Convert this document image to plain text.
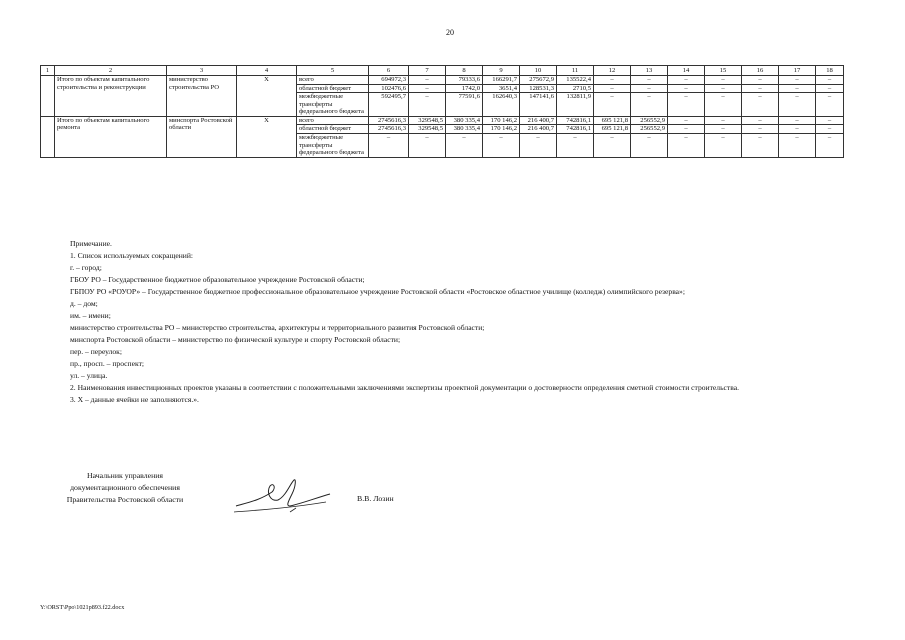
20
1	2	3	4	5	6	7	8	9	10	11	12	13	14	15	16	17	18
	Итого по объектам капитального строительства и реконструкции	министерство строительства РО	Х	всего	694972,3	–	79333,6	166291,7	275672,9	135522,4	–	–	–	–	–	–	–
				областной бюджет	102476,6	–	1742,0	3651,4	128531,3	2710,5	–	–	–	–	–	–	–
				межбюджетные трансферты федерального бюджета	592495,7	–	77591,6	162640,3	147141,6	132811,9	–	–	–	–	–	–	–
	Итого по объектам капитального ремонта	минспорта Ростовской области	Х	всего	2745616,3	329548,5	380 335,4	170 146,2	216 400,7	742816,1	695 121,8	256552,9	–	–	–	–	–
				областной бюджет	2745616,3	329548,5	380 335,4	170 146,2	216 400,7	742816,1	695 121,8	256552,9	–	–	–	–	–
				межбюджетные трансферты федерального бюджета	–	–	–	–	–	–	–	–	–	–	–	–	–

Примечание.

1. Список используемых сокращений:

г. – город;

ГБОУ РО – Государственное бюджетное образовательное учреждение Ростовской области;

ГБПОУ РО «РОУОР» – Государственное бюджетное профессиональное образовательное учреждение Ростовской области «Ростовское областное училище (колледж) олимпийского резерва»;

д. – дом;

им. – имени;

министерство строительства РО – министерство строительства, архитектуры и территориального развития Ростовской области;

минспорта Ростовской области – министерство по физической культуре и спорту Ростовской области;

пер. – переулок;

пр., просп. – проспект;

ул. – улица.

2. Наименования инвестиционных проектов указаны в соответствии с положительными заключениями экспертизы проектной документации о достоверности определения сметной стоимости строительства.

3. Х – данные ячейки не заполняются.».

Начальник управления
документационного обеспечения
Правительства Ростовской области	В.В. Лозин
Y:\ORST\Ppo\1021p893.f22.docx
